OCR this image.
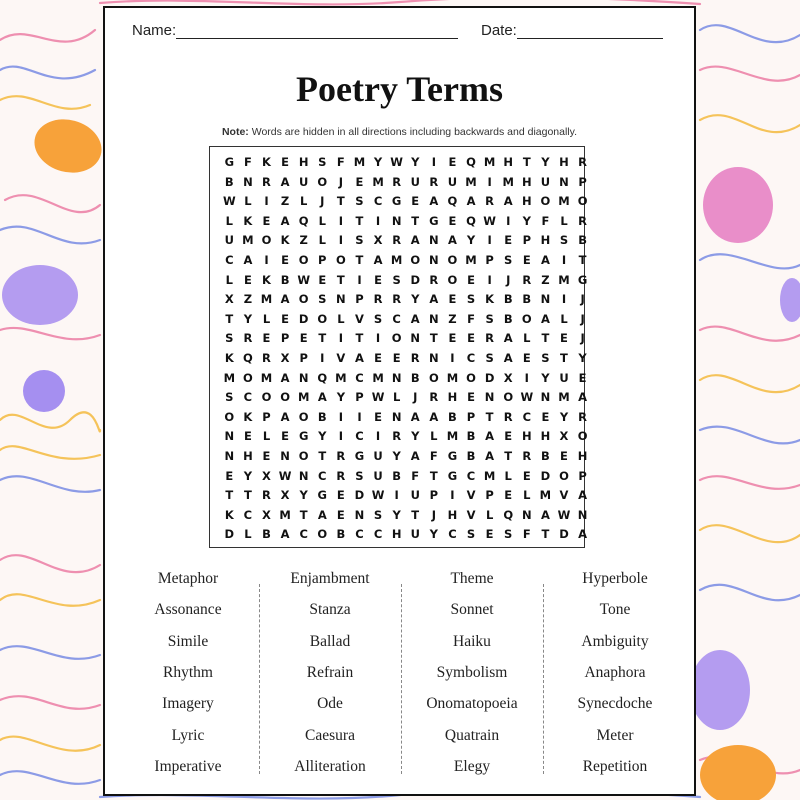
Name:	Date:
Poetry Terms
Note: Words are hidden in all directions including backwards and diagonally.
G F K E H S F M Y W Y	I	E Q M H T Y H R
B N R A U O	J	E M R U R U M I M H U N P
W L	I	Z L	J	T S C G E A Q A R A H O M O
L K E A Q L	I	T	I	N T G E Q W I	Y F L R
U M O K Z L	I	S X R A N A Y	I	E P H S B
C A	I	E O P O T A M O N O M P S E A	I	T
L E K B W E T	I	E S D R O E	I	J	R Z M G
X Z M A O S N P R R Y A E S K B B N	I	J
T Y L E D O L V S C A N Z F S B O A L	J
S R E P E T	I	T	I	O N T E E R A L T E	J
K Q R X P	I	V A E E R N	I	C S A E S T Y
M O M A N Q M C M N B O M O D X	I	Y U E
S C O O M A Y P W L	J	R H E N O W N M A
O K P A O B	I	I	E N A A B P T R C E Y R
N E L E G Y	I	C	I	R Y L M B A E H H X O
N H E N O T R G U Y A F G B A T R B E H
E Y X W N C R S U B F T G C M L E D O P
T T R X Y G E D W I	U P	I	V P E L M V A
K C X M T A E N S Y T	J	H V L Q N A W N
D L B A C O B C C H U Y C S E S F T D A
Metaphor
Assonance
Simile
Rhythm
Imagery
Lyric
Imperative
Enjambment
Stanza
Ballad
Refrain
Ode
Caesura
Alliteration
Theme
Sonnet
Haiku
Symbolism
Onomatopoeia
Quatrain
Elegy
Hyperbole
Tone
Ambiguity
Anaphora
Synecdoche
Meter
Repetition
